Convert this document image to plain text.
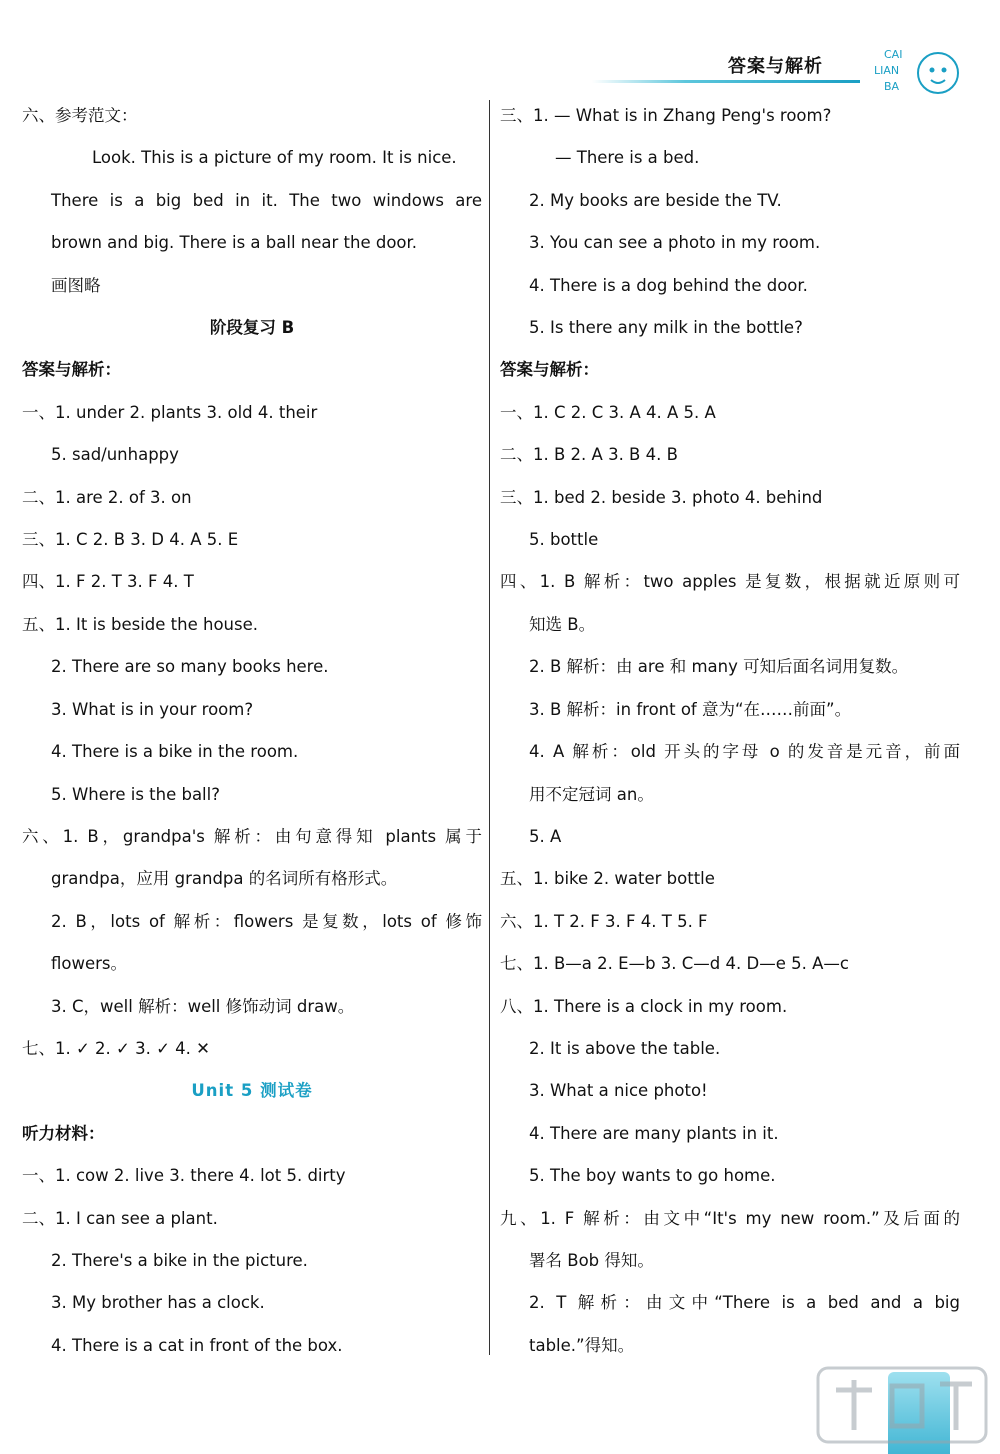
答案与解析
CAI
LIAN
BA
六、参考范文：
Look. This is a picture of my room. It is nice.
There is a big bed in it. The two windows are
brown and big. There is a ball near the door.
画图略
阶段复习 B
答案与解析：
一、1. under 2. plants 3. old 4. their
5. sad/unhappy
二、1. are 2. of 3. on
三、1. C 2. B 3. D 4. A 5. E
四、1. F 2. T 3. F 4. T
五、1. It is beside the house.
2. There are so many books here.
3. What is in your room?
4. There is a bike in the room.
5. Where is the ball?
六、1. B，grandpa's 解析：由句意得知 plants 属于
grandpa，应用 grandpa 的名词所有格形式。
2. B，lots of 解析：flowers 是复数，lots of 修饰
flowers。
3. C，well 解析：well 修饰动词 draw。
七、1. ✓ 2. ✓ 3. ✓ 4. ✕
Unit 5 测试卷
听力材料：
一、1. cow 2. live 3. there 4. lot 5. dirty
二、1. I can see a plant.
2. There's a bike in the picture.
3. My brother has a clock.
4. There is a cat in front of the box.
三、1. — What is in Zhang Peng's room?
— There is a bed.
2. My books are beside the TV.
3. You can see a photo in my room.
4. There is a dog behind the door.
5. Is there any milk in the bottle?
答案与解析：
一、1. C 2. C 3. A 4. A 5. A
二、1. B 2. A 3. B 4. B
三、1. bed 2. beside 3. photo 4. behind
5. bottle
四、1. B 解析：two apples 是复数，根据就近原则可
知选 B。
2. B 解析：由 are 和 many 可知后面名词用复数。
3. B 解析：in front of 意为“在……前面”。
4. A 解析：old 开头的字母 o 的发音是元音，前面
用不定冠词 an。
5. A
五、1. bike 2. water bottle
六、1. T 2. F 3. F 4. T 5. F
七、1. B—a 2. E—b 3. C—d 4. D—e 5. A—c
八、1. There is a clock in my room.
2. It is above the table.
3. What a nice photo!
4. There are many plants in it.
5. The boy wants to go home.
九、1. F 解析：由文中“It's my new room.”及后面的
署名 Bob 得知。
2. T 解析：由文中“There is a bed and a big
table.”得知。
